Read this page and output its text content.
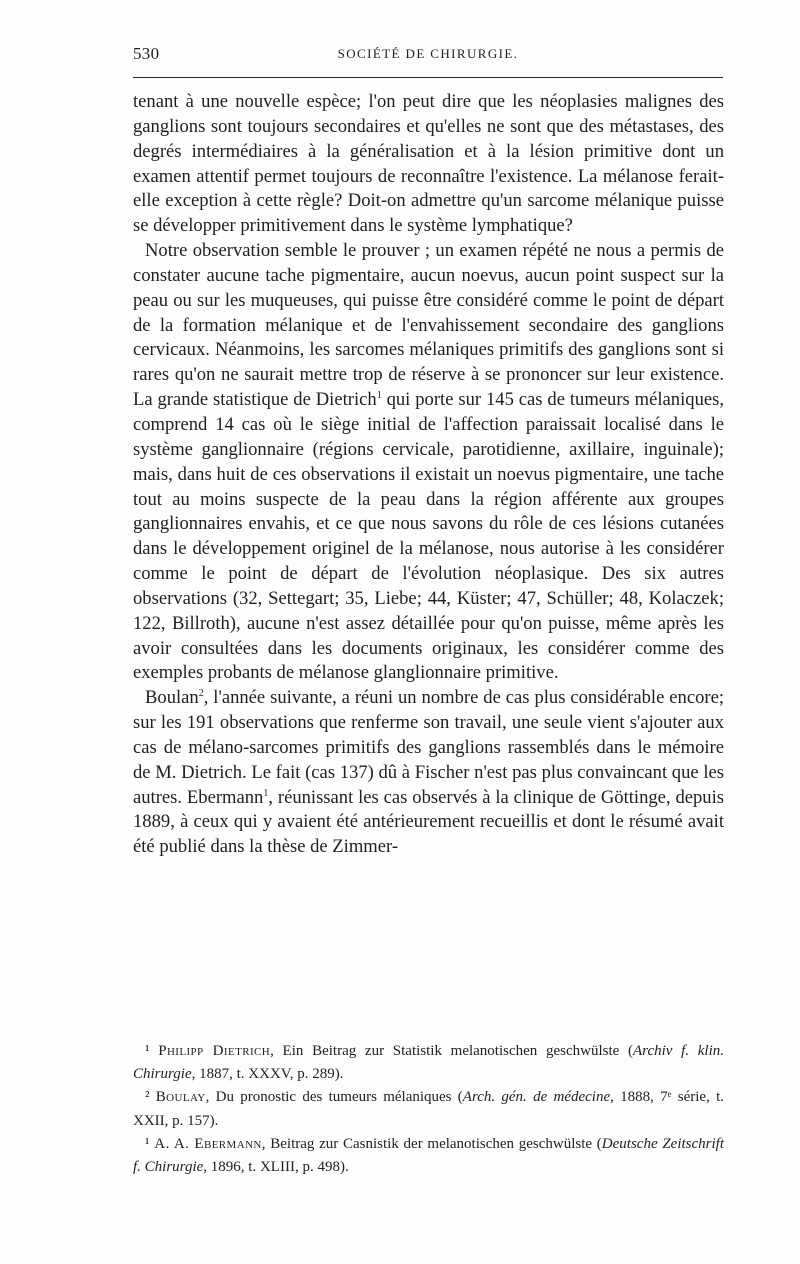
530	SOCIÉTÉ DE CHIRURGIE.

tenant à une nouvelle espèce; l'on peut dire que les néoplasies malignes des ganglions sont toujours secondaires et qu'elles ne sont que des métastases, des degrés intermédiaires à la généralisation et à la lésion primitive dont un examen attentif permet toujours de reconnaître l'existence. La mélanose ferait-elle exception à cette règle? Doit-on admettre qu'un sarcome mélanique puisse se développer primitivement dans le système lymphatique?

Notre observation semble le prouver ; un examen répété ne nous a permis de constater aucune tache pigmentaire, aucun noevus, aucun point suspect sur la peau ou sur les muqueuses, qui puisse être considéré comme le point de départ de la formation mélanique et de l'envahissement secondaire des ganglions cervicaux. Néanmoins, les sarcomes mélaniques primitifs des ganglions sont si rares qu'on ne saurait mettre trop de réserve à se prononcer sur leur existence. La grande statistique de Dietrich$^1$ qui porte sur 145 cas de tumeurs mélaniques, comprend 14 cas où le siège initial de l'affection paraissait localisé dans le système ganglionnaire (régions cervicale, parotidienne, axillaire, inguinale); mais, dans huit de ces observations il existait un noevus pigmentaire, une tache tout au moins suspecte de la peau dans la région afférente aux groupes ganglionnaires envahis, et ce que nous savons du rôle de ces lésions cutanées dans le développement originel de la mélanose, nous autorise à les considérer comme le point de départ de l'évolution néoplasique. Des six autres observations (32, Settegart; 35, Liebe; 44, Küster; 47, Schüller; 48, Kolaczek; 122, Billroth), aucune n'est assez détaillée pour qu'on puisse, même après les avoir consultées dans les documents originaux, les considérer comme des exemples probants de mélanose glanglionnaire primitive.

Boulan$^2$, l'année suivante, a réuni un nombre de cas plus considérable encore; sur les 191 observations que renferme son travail, une seule vient s'ajouter aux cas de mélano-sarcomes primitifs des ganglions rassemblés dans le mémoire de M. Dietrich. Le fait (cas 137) dû à Fischer n'est pas plus convaincant que les autres. Ebermann$^1$, réunissant les cas observés à la clinique de Göttinge, depuis 1889, à ceux qui y avaient été antérieurement recueillis et dont le résumé avait été publié dans la thèse de Zimmer-

¹ Philipp Dietrich, Ein Beitrag zur Statistik melanotischen geschwülste (Archiv f. klin. Chirurgie, 1887, t. XXXV, p. 289).

² Boulay, Du pronostic des tumeurs mélaniques (Arch. gén. de médecine, 1888, 7ᵉ série, t. XXII, p. 157).

¹ A. A. Ebermann, Beitrag zur Casnistik der melanotischen geschwülste (Deutsche Zeitschrift f. Chirurgie, 1896, t. XLIII, p. 498).
